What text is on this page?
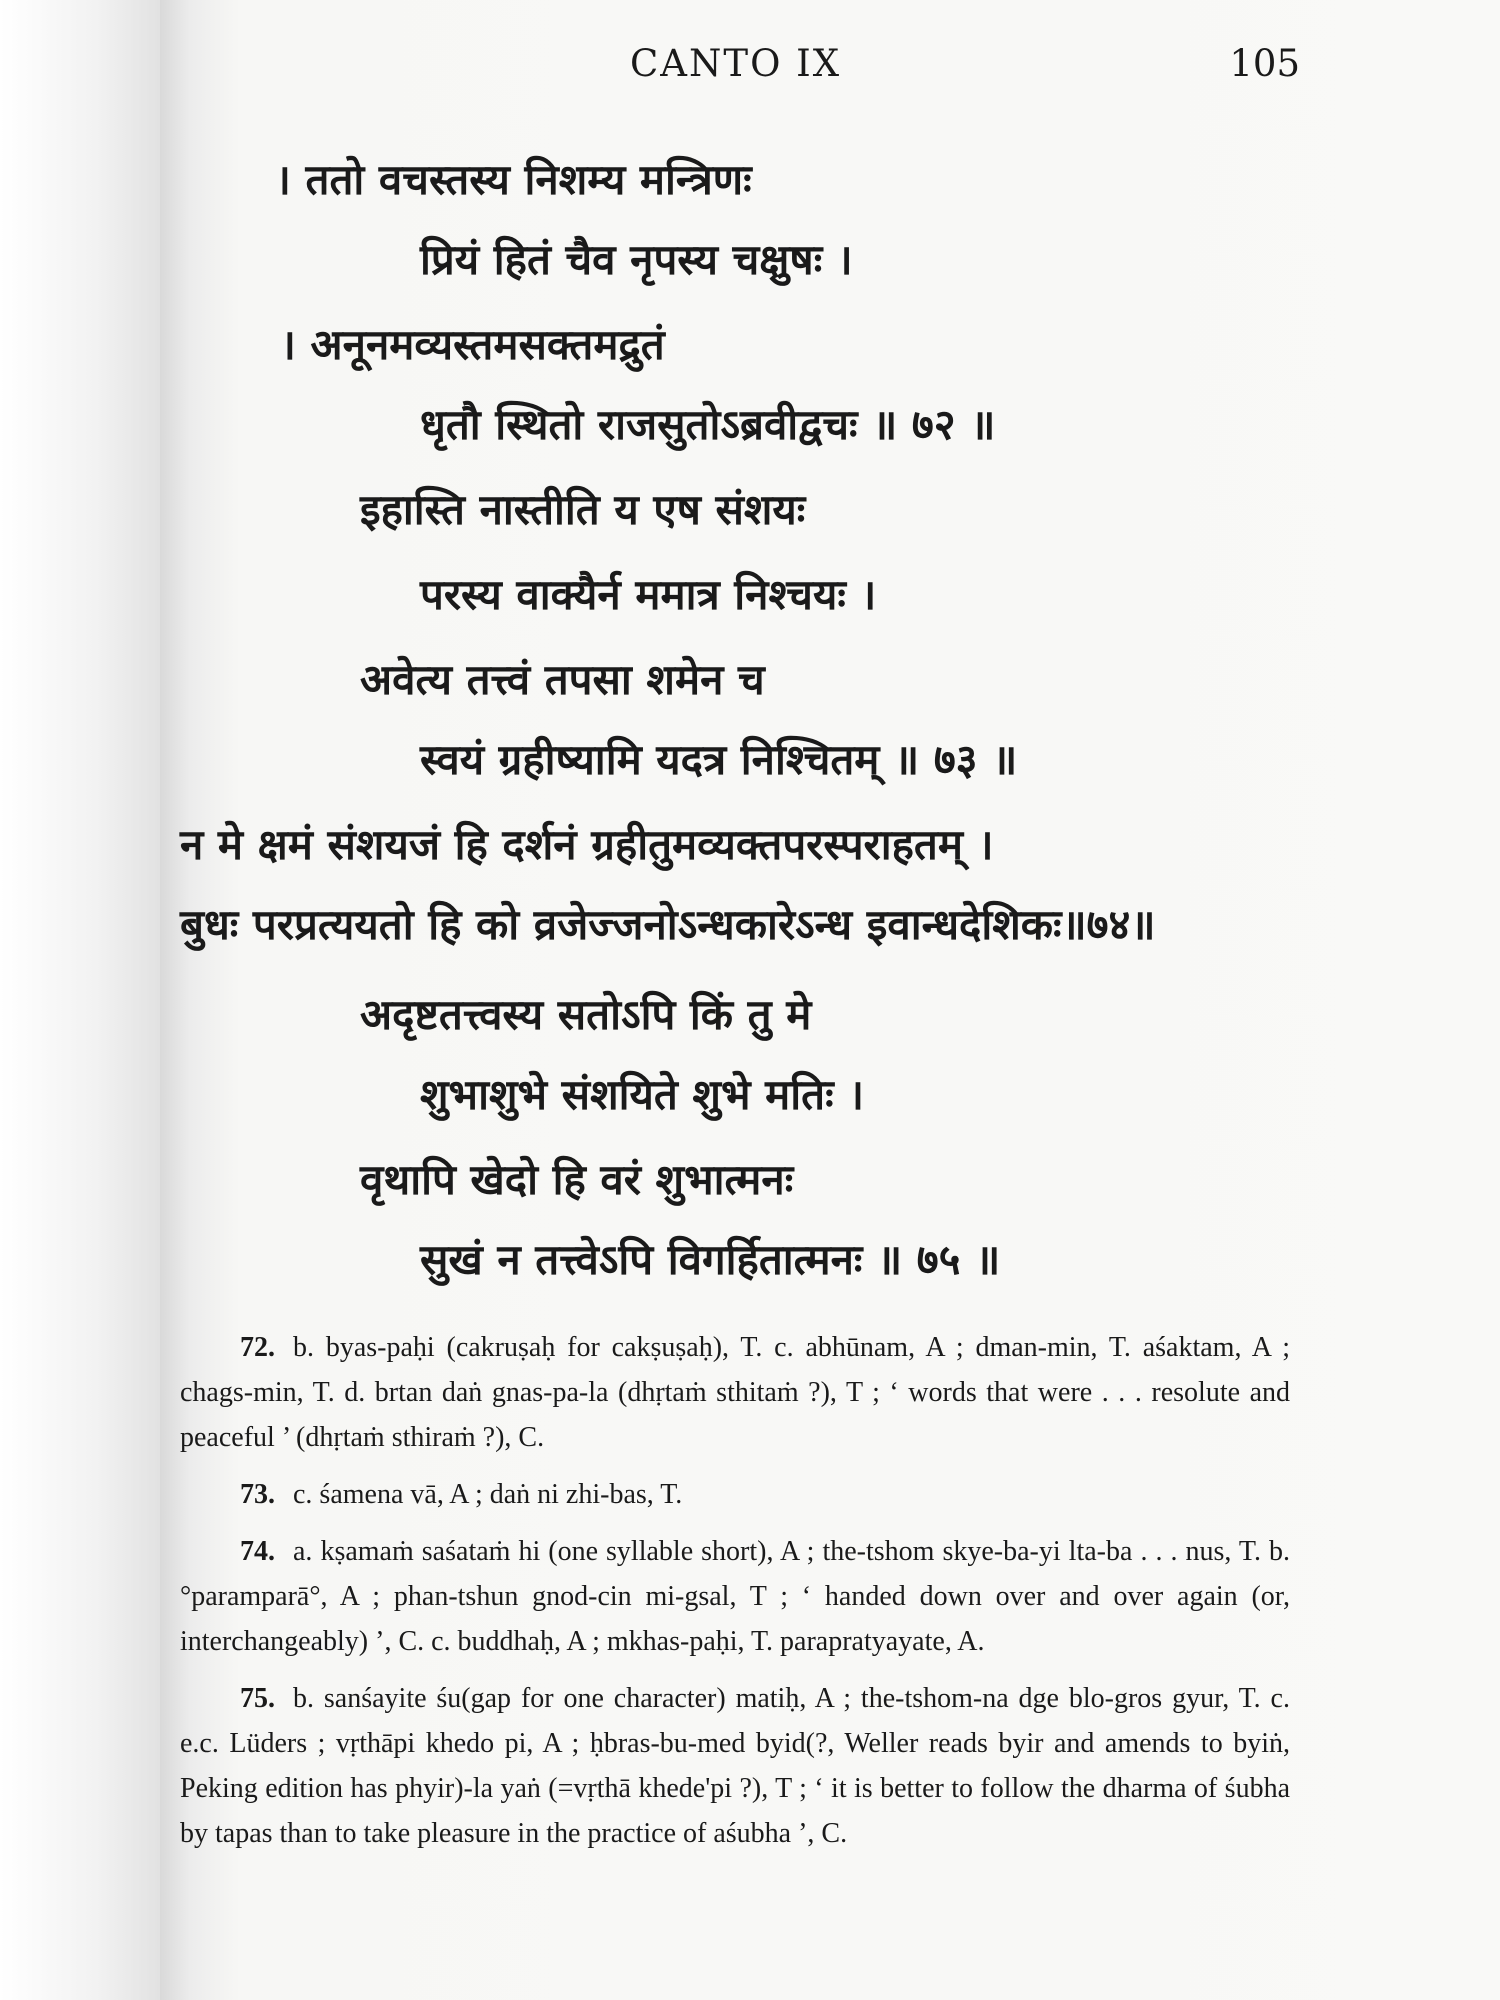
CANTO IX	105
। ततो वचस्तस्य निशम्य मन्त्रिणः
प्रियं हितं चैव नृपस्य चक्षुषः ।
। अनूनमव्यस्तमसक्तमद्रुतं
धृतौ स्थितो राजसुतोऽब्रवीद्वचः ॥ ७२ ॥
इहास्ति नास्तीति य एष संशयः
परस्य वाक्यैर्न ममात्र निश्चयः ।
अवेत्य तत्त्वं तपसा शमेन च
स्वयं ग्रहीष्यामि यदत्र निश्चितम् ॥ ७३ ॥
न मे क्षमं संशयजं हि दर्शनं ग्रहीतुमव्यक्तपरस्पराहतम् ।
बुधः परप्रत्ययतो हि को व्रजेज्जनोऽन्धकारेऽन्ध इवान्धदेशिकः॥७४॥
अदृष्टतत्त्वस्य सतोऽपि किं तु मे
शुभाशुभे संशयिते शुभे मतिः ।
वृथापि खेदो हि वरं शुभात्मनः
सुखं न तत्त्वेऽपि विगर्हितात्मनः ॥ ७५ ॥

72. b. byas-paḥi (cakruṣaḥ for cakṣuṣaḥ), T. c. abhūnam, A ; dman-min, T. aśaktam, A ; chags-min, T. d. brtan daṅ gnas-pa-la (dhṛtaṁ sthitaṁ ?), T ; ‘ words that were . . . resolute and peaceful ’ (dhṛtaṁ sthiraṁ ?), C.

73. c. śamena vā, A ; daṅ ni zhi-bas, T.

74. a. kṣamaṁ saśataṁ hi (one syllable short), A ; the-tshom skye-ba-yi lta-ba . . . nus, T. b. °paramparā°, A ; phan-tshun gnod-cin mi-gsal, T ; ‘ handed down over and over again (or, interchangeably) ’, C. c. buddhaḥ, A ; mkhas-paḥi, T. parapratyayate, A.

75. b. sanśayite śu(gap for one character) matiḥ, A ; the-tshom-na dge blo-gros gyur, T. c. e.c. Lüders ; vṛthāpi khedo pi, A ; ḥbras-bu-med byid(?, Weller reads byir and amends to byiṅ, Peking edition has phyir)-la yaṅ (=vṛthā khede'pi ?), T ; ‘ it is better to follow the dharma of śubha by tapas than to take pleasure in the practice of aśubha ’, C.
